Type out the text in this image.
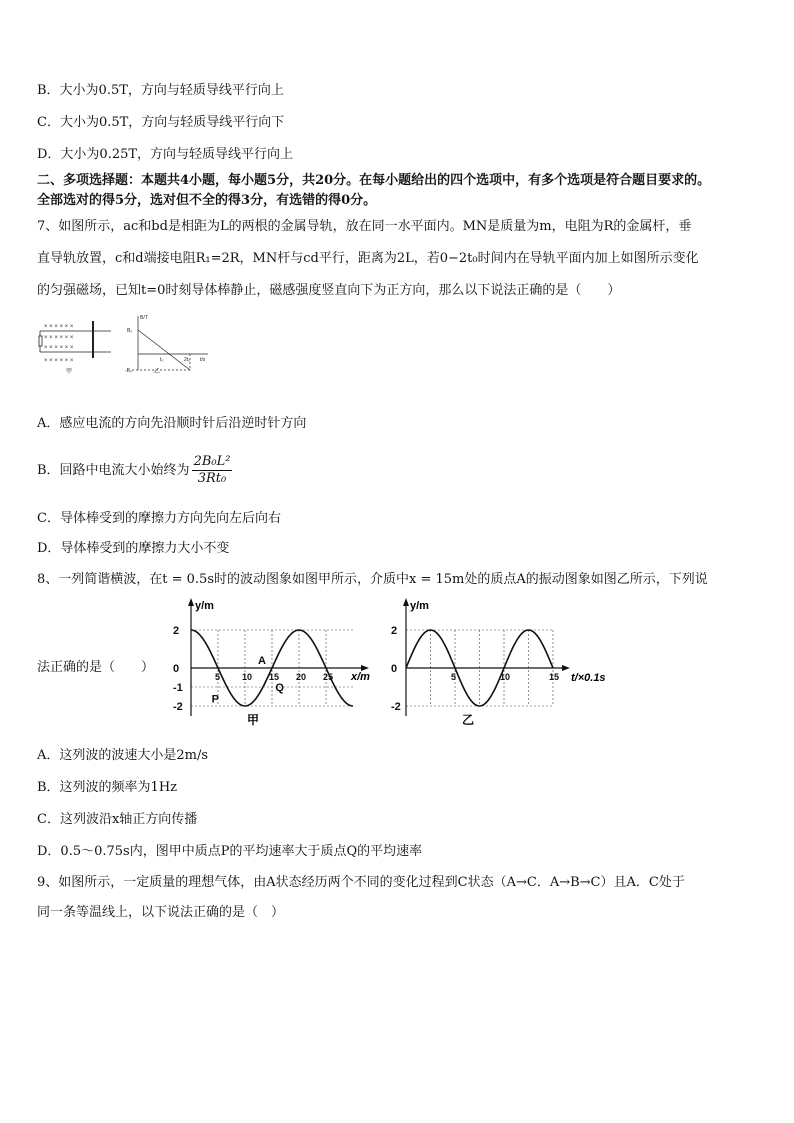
B．大小为0.5T，方向与轻质导线平行向上
C．大小为0.5T，方向与轻质导线平行向下
D．大小为0.25T，方向与轻质导线平行向上
二、多项选择题：本题共4小题，每小题5分，共20分。在每小题给出的四个选项中，有多个选项是符合题目要求的。
全部选对的得5分，选对但不全的得3分，有选错的得0分。
7、如图所示，ac和bd是相距为L的两根的金属导轨，放在同一水平面内。MN是质量为m，电阻为R的金属杆，垂
直导轨放置，c和d端接电阻R₁=2R，MN杆与cd平行，距离为2L，若0−2t₀时间内在导轨平面内加上如图所示变化
的匀强磁场，已知t=0时刻导体棒静止，磁感强度竖直向下为正方向，那么以下说法正确的是（　　）
× × × × × ×
× × × × × ×
× × × × × ×
× × × × × ×
甲
B/T
B₀
-B₀
t₀	2t₀ t/s
乙
A．感应电流的方向先沿顺时针后沿逆时针方向
B．回路中电流大小始终为 $\frac{\text{2B₀L²}}{\text{3Rt₀}}$
C．导体棒受到的摩擦力方向先向左后向右
D．导体棒受到的摩擦力大小不变
8、一列简谐横波，在t = 0.5s时的波动图象如图甲所示，介质中x = 15m处的质点A的振动图象如图乙所示，下列说
法正确的是（　　）
5 10 15 20 25
2
0
-1
-2
A
P
Q
y/m
x/m
甲
5	10	15
2
0
-2
y/m
t/×0.1s
乙
A．这列波的波速大小是2m/s
B．这列波的频率为1Hz
C．这列波沿x轴正方向传播
D．0.5～0.75s内，图甲中质点P的平均速率大于质点Q的平均速率
9、如图所示，一定质量的理想气体，由A状态经历两个不同的变化过程到C状态（A→C．A→B→C）且A．C处于
同一条等温线上，以下说法正确的是（　）
